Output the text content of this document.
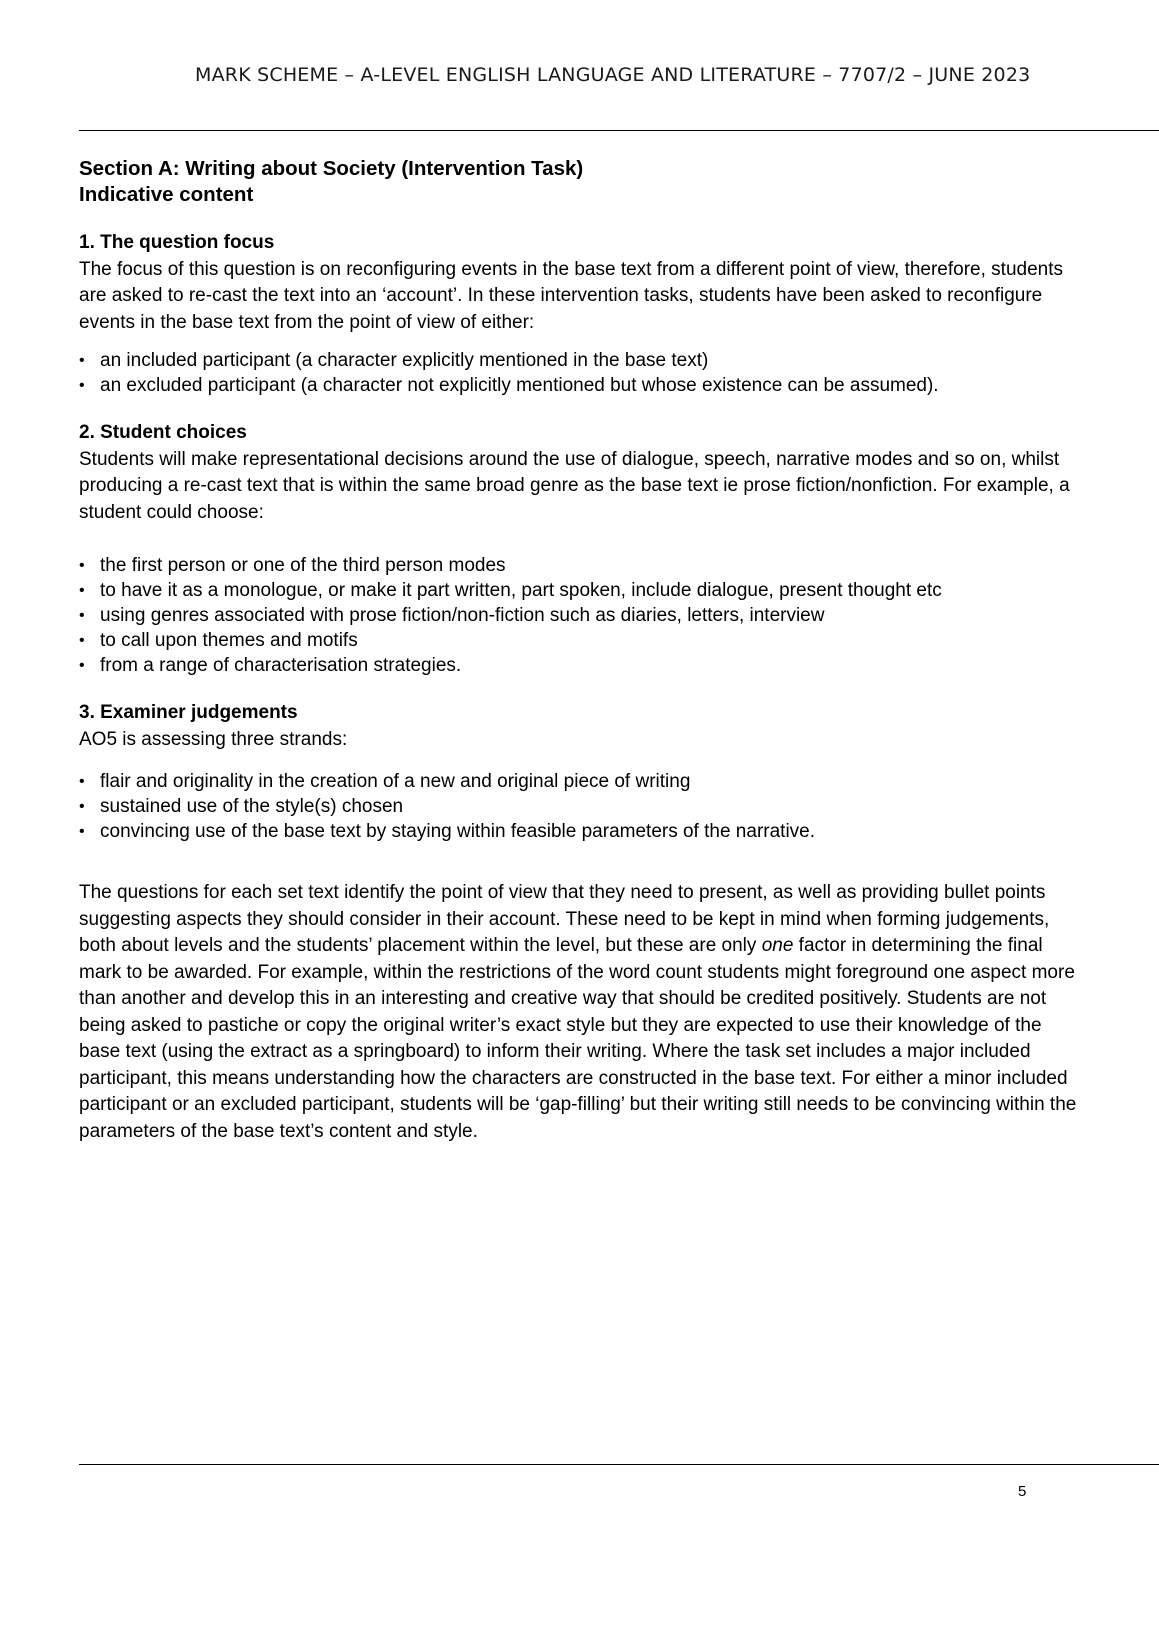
MARK SCHEME – A-LEVEL ENGLISH LANGUAGE AND LITERATURE – 7707/2 – JUNE 2023
Section A: Writing about Society (Intervention Task)
Indicative content
1. The question focus

The focus of this question is on reconfiguring events in the base text from a different point of view, therefore, students are asked to re-cast the text into an ‘account’. In these intervention tasks, students have been asked to reconfigure events in the base text from the point of view of either:

• an included participant (a character explicitly mentioned in the base text)
• an excluded participant (a character not explicitly mentioned but whose existence can be assumed).
2. Student choices

Students will make representational decisions around the use of dialogue, speech, narrative modes and so on, whilst producing a re-cast text that is within the same broad genre as the base text ie prose fiction/nonfiction. For example, a student could choose:

• the first person or one of the third person modes
• to have it as a monologue, or make it part written, part spoken, include dialogue, present thought etc
• using genres associated with prose fiction/non-fiction such as diaries, letters, interview
• to call upon themes and motifs
• from a range of characterisation strategies.
3. Examiner judgements

AO5 is assessing three strands:

• flair and originality in the creation of a new and original piece of writing
• sustained use of the style(s) chosen
• convincing use of the base text by staying within feasible parameters of the narrative.

The questions for each set text identify the point of view that they need to present, as well as providing bullet points suggesting aspects they should consider in their account. These need to be kept in mind when forming judgements, both about levels and the students’ placement within the level, but these are only one factor in determining the final mark to be awarded. For example, within the restrictions of the word count students might foreground one aspect more than another and develop this in an interesting and creative way that should be credited positively. Students are not being asked to pastiche or copy the original writer’s exact style but they are expected to use their knowledge of the base text (using the extract as a springboard) to inform their writing. Where the task set includes a major included participant, this means understanding how the characters are constructed in the base text. For either a minor included participant or an excluded participant, students will be ‘gap-filling’ but their writing still needs to be convincing within the parameters of the base text’s content and style.

5
